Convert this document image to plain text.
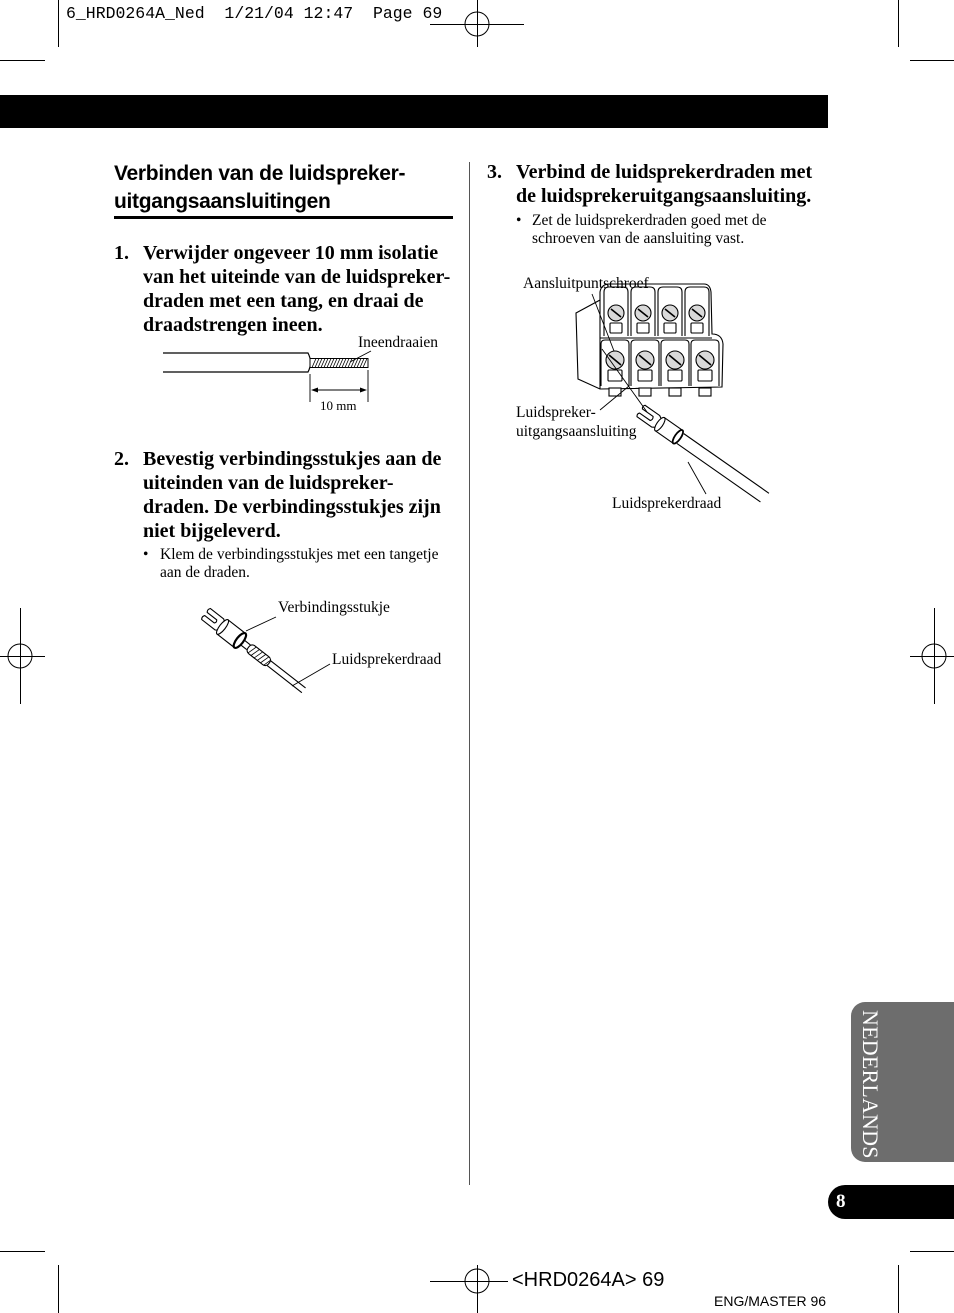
6_HRD0264A_Ned  1/21/04 12:47  Page 69
Verbinden van de luidspreker-
uitgangsaansluitingen
1. Verwijder ongeveer 10 mm isolatie
van het uiteinde van de luidspreker-
draden met een tang, en draai de
draadstrengen ineen.
Ineendraaien
10 mm
2. Bevestig verbindingsstukjes aan de
uiteinden van de luidspreker-
draden. De verbindingsstukjes zijn
niet bijgeleverd.
• Klem de verbindingsstukjes met een tangetje
aan de draden.
Verbindingsstukje
Luidsprekerdraad
3. Verbind de luidsprekerdraden met
de luidsprekeruitgangsaansluiting.
• Zet de luidsprekerdraden goed met de
schroeven van de aansluiting vast.
Aansluitpuntschroef
Luidspreker-
uitgangsaansluiting
Luidsprekerdraad
NEDERLANDS
8
<HRD0264A> 69
ENG/MASTER 96
